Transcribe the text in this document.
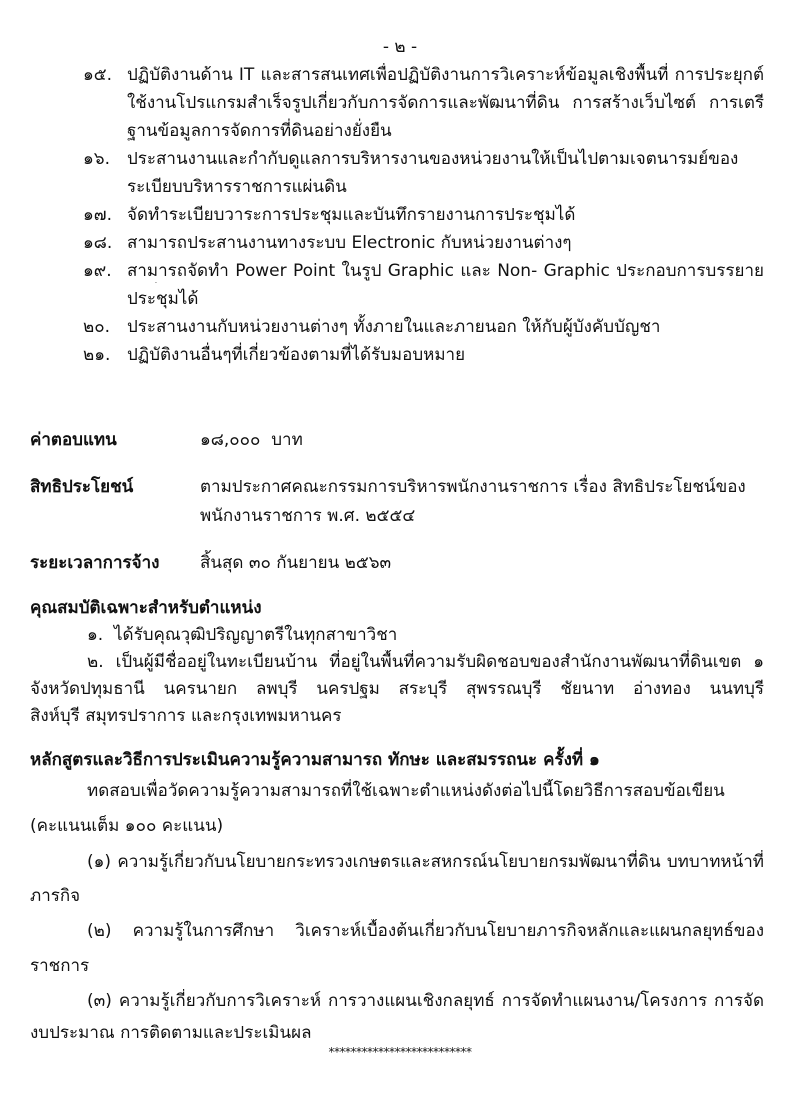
- ๒ -
๑๕. ปฏิบัติงานด้าน IT และสารสนเทศเพื่อปฏิบัติงานการวิเคราะห์ข้อมูลเชิงพื้นที่ การประยุกต์
ใช้งานโปรแกรมสำเร็จรูปเกี่ยวกับการจัดการและพัฒนาที่ดิน การสร้างเว็บไซต์ การเตรี
ฐานข้อมูลการจัดการที่ดินอย่างยั่งยืน
๑๖. ประสานงานและกำกับดูแลการบริหารงานของหน่วยงานให้เป็นไปตามเจตนารมย์ของ
ระเบียบบริหารราชการแผ่นดิน
๑๗. จัดทำระเบียบวาระการประชุมและบันทึกรายงานการประชุมได้
๑๘. สามารถประสานงานทางระบบ Electronic กับหน่วยงานต่างๆ
๑๙. สามารถจัดทำ Power Point ในรูป Graphic และ Non- Graphic ประกอบการบรรยาย
ประชุมได้
๒๐. ประสานงานกับหน่วยงานต่างๆ ทั้งภายในและภายนอก ให้กับผู้บังคับบัญชา
๒๑. ปฏิบัติงานอื่นๆที่เกี่ยวข้องตามที่ได้รับมอบหมาย
ค่าตอบแทน	๑๘,๐๐๐  บาท
สิทธิประโยชน์	ตามประกาศคณะกรรมการบริหารพนักงานราชการ เรื่อง สิทธิประโยชน์ของ
พนักงานราชการ พ.ศ. ๒๕๕๔
ระยะเวลาการจ้าง สิ้นสุด ๓๐ กันยายน ๒๕๖๓
คุณสมบัติเฉพาะสำหรับตำแหน่ง
๑.  ได้รับคุณวุฒิปริญญาตรีในทุกสาขาวิชา
๒. เป็นผู้มีชื่ออยู่ในทะเบียนบ้าน ที่อยู่ในพื้นที่ความรับผิดชอบของสำนักงานพัฒนาที่ดินเขต ๑
จังหวัดปทุมธานี นครนายก ลพบุรี นครปฐม สระบุรี สุพรรณบุรี ชัยนาท อ่างทอง นนทบุรี
สิงห์บุรี สมุทรปราการ และกรุงเทพมหานคร
หลักสูตรและวิธีการประเมินความรู้ความสามารถ ทักษะ และสมรรถนะ ครั้งที่ ๑
ทดสอบเพื่อวัดความรู้ความสามารถที่ใช้เฉพาะตำแหน่งดังต่อไปนี้โดยวิธีการสอบข้อเขียน
(คะแนนเต็ม ๑๐๐ คะแนน)
(๑) ความรู้เกี่ยวกับนโยบายกระทรวงเกษตรและสหกรณ์นโยบายกรมพัฒนาที่ดิน บทบาทหน้าที่
ภารกิจ
(๒) ความรู้ในการศึกษา วิเคราะห์เบื้องต้นเกี่ยวกับนโยบายภารกิจหลักและแผนกลยุทธ์ของ
ราชการ
(๓) ความรู้เกี่ยวกับการวิเคราะห์ การวางแผนเชิงกลยุทธ์ การจัดทำแผนงาน/โครงการ การจัด
งบประมาณ การติดตามและประเมินผล
**************************
